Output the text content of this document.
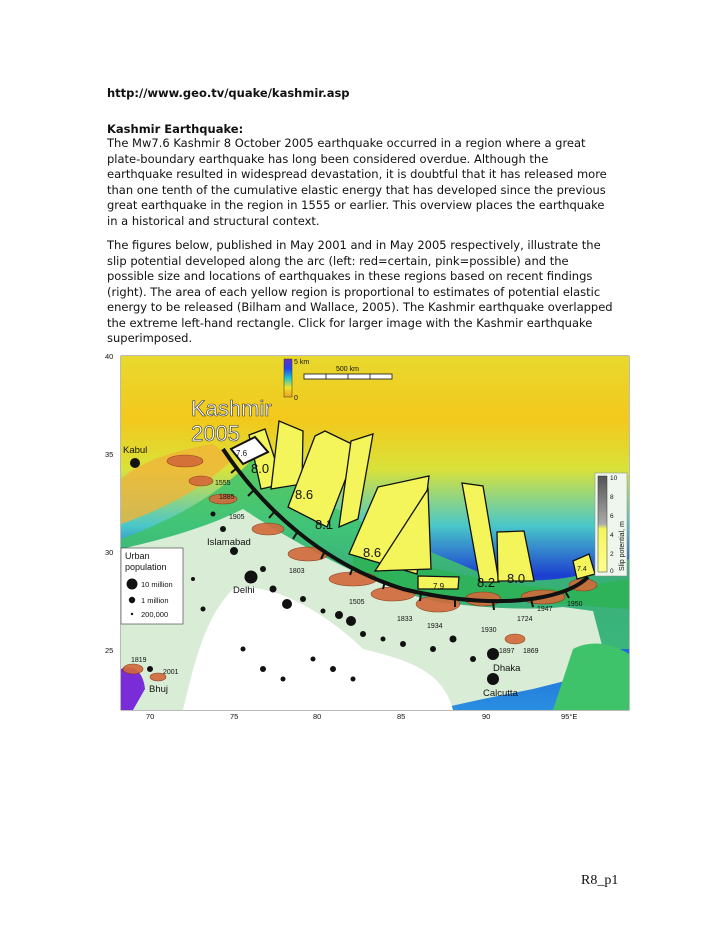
http://www.geo.tv/quake/kashmir.asp
Kashmir Earthquake:

The Mw7.6 Kashmir 8 October 2005 earthquake occurred in a region where a great plate-boundary earthquake has long been considered overdue. Although the earthquake resulted in widespread devastation, it is doubtful that it has released more than one tenth of the cumulative elastic energy that has developed since the previous great earthquake in the region in 1555 or earlier. This overview places the earthquake in a historical and structural context.

The figures below, published in May 2001 and in May 2005 respectively, illustrate the slip potential developed along the arc (left: red=certain, pink=possible) and the possible size and locations of earthquakes in these regions based on recent findings (right). The area of each yellow region is proportional to estimates of potential elastic energy to be released (Bilham and Wallace, 2005). The Kashmir earthquake overlapped the extreme left-hand rectangle. Click for larger image with the Kashmir earthquake superimposed.

Kashmir
2005
5 km
0
500 km
40
35
30
25
70	75	80	85	90	95°E
7.6
8.0
8.6
8.1
8.6
7.9	8.2 8.0
7.4
Kabul
Islamabad
Delhi
Dhaka
Calcutta
Bhuj
1555
1885
1905
1803
1505
1833
1934
1930
1724
1947
1950
1897 1869
1819
2001
Urban
population
10 million
1 million
200,000
10
8
6
4
2
0
Slip potential, m
R8_p1
